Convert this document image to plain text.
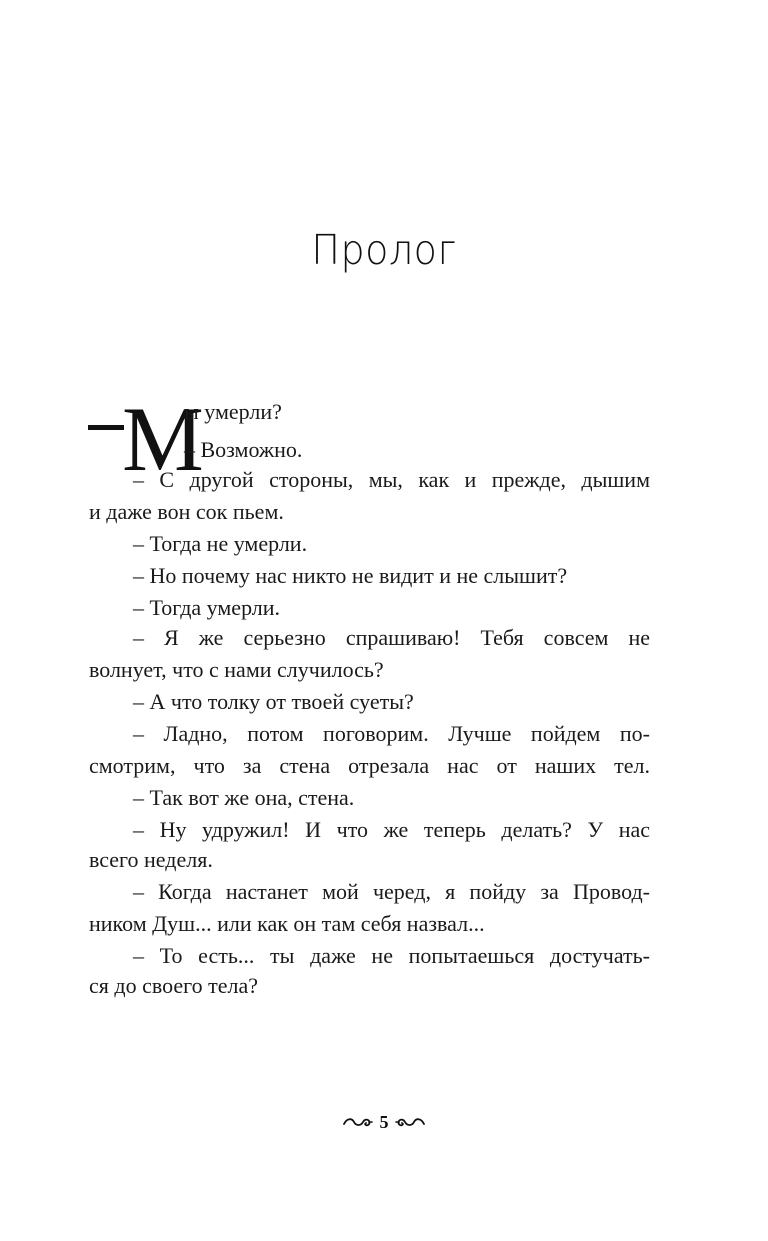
Пролог
М
ы умерли?
– Возможно.
– С другой стороны, мы, как и прежде, дышим
и даже вон сок пьем.
– Тогда не умерли.
– Но почему нас никто не видит и не слышит?
– Тогда умерли.
– Я же серьезно спрашиваю! Тебя совсем не
волнует, что с нами случилось?
– А что толку от твоей суеты?
– Ладно, потом поговорим. Лучше пойдем по-
смотрим, что за стена отрезала нас от наших тел.
– Так вот же она, стена.
– Ну удружил! И что же теперь делать? У нас
всего неделя.
– Когда настанет мой черед, я пойду за Провод-
ником Душ... или как он там себя назвал...
– То есть... ты даже не попытаешься достучать-
ся до своего тела?
5
